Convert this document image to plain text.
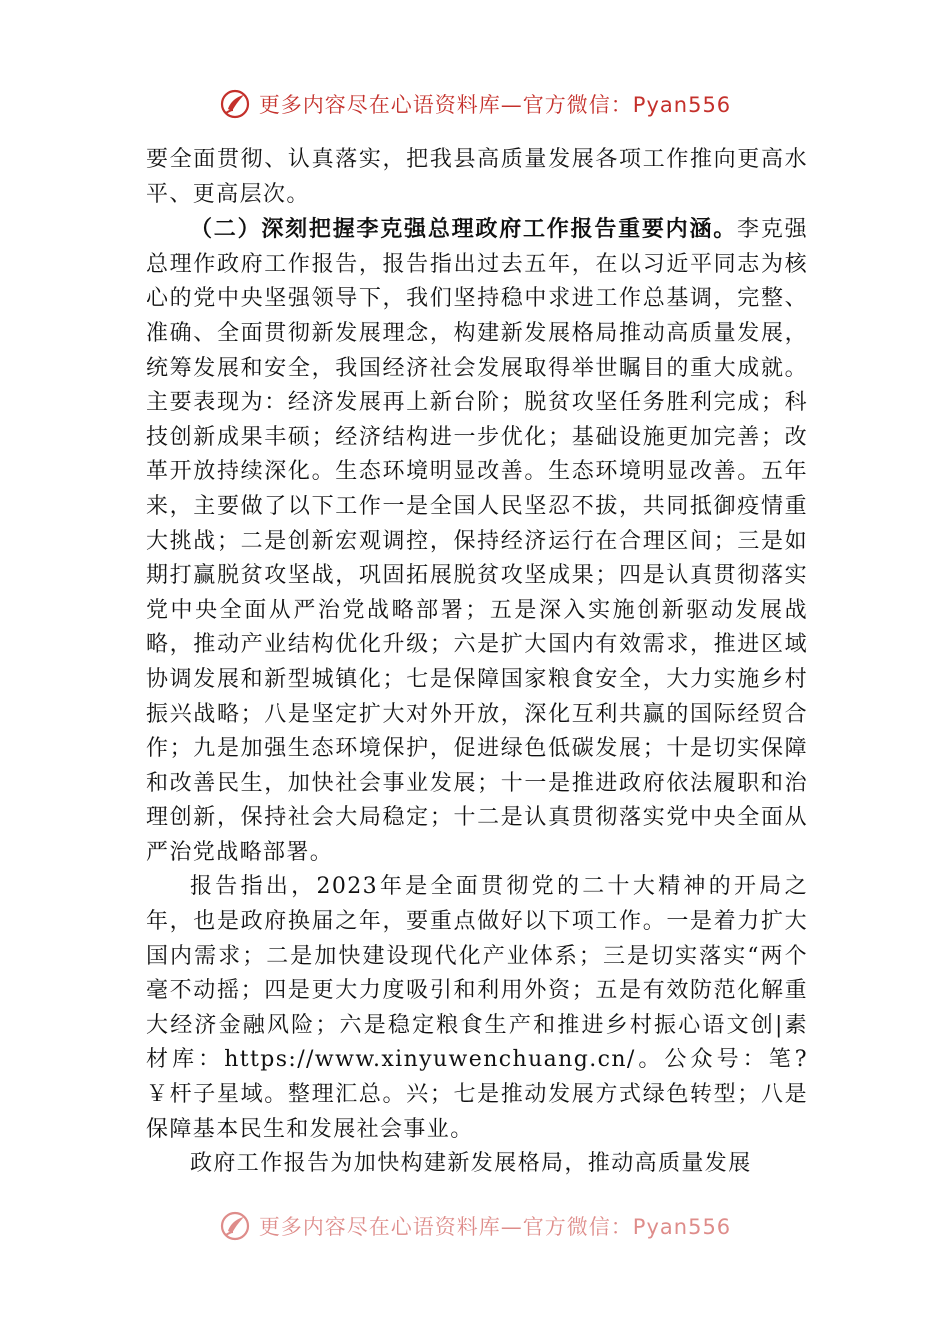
更多内容尽在心语资料库—官方微信：Pyan556

要全面贯彻、认真落实，把我县高质量发展各项工作推向更高水平、更高层次。

（二）深刻把握李克强总理政府工作报告重要内涵。李克强总理作政府工作报告，报告指出过去五年，在以习近平同志为核心的党中央坚强领导下，我们坚持稳中求进工作总基调，完整、准确、全面贯彻新发展理念，构建新发展格局推动高质量发展，统筹发展和安全，我国经济社会发展取得举世瞩目的重大成就。主要表现为：经济发展再上新台阶；脱贫攻坚任务胜利完成；科技创新成果丰硕；经济结构进一步优化；基础设施更加完善；改革开放持续深化。生态环境明显改善。生态环境明显改善。五年来，主要做了以下工作一是全国人民坚忍不拔，共同抵御疫情重大挑战；二是创新宏观调控，保持经济运行在合理区间；三是如期打赢脱贫攻坚战，巩固拓展脱贫攻坚成果；四是认真贯彻落实党中央全面从严治党战略部署；五是深入实施创新驱动发展战略，推动产业结构优化升级；六是扩大国内有效需求，推进区域协调发展和新型城镇化；七是保障国家粮食安全，大力实施乡村振兴战略；八是坚定扩大对外开放，深化互利共赢的国际经贸合作；九是加强生态环境保护，促进绿色低碳发展；十是切实保障和改善民生，加快社会事业发展；十一是推进政府依法履职和治理创新，保持社会大局稳定；十二是认真贯彻落实党中央全面从严治党战略部署。

报告指出，2023年是全面贯彻党的二十大精神的开局之年，也是政府换届之年，要重点做好以下项工作。一是着力扩大国内需求；二是加快建设现代化产业体系；三是切实落实“两个毫不动摇；四是更大力度吸引和利用外资；五是有效防范化解重大经济金融风险；六是稳定粮食生产和推进乡村振心语文创|素材库：https://www.xinyuwenchuang.cn/。公众号：笔?￥杆子星域。整理汇总。兴；七是推动发展方式绿色转型；八是保障基本民生和发展社会事业。

政府工作报告为加快构建新发展格局，推动高质量发展

更多内容尽在心语资料库—官方微信：Pyan556
